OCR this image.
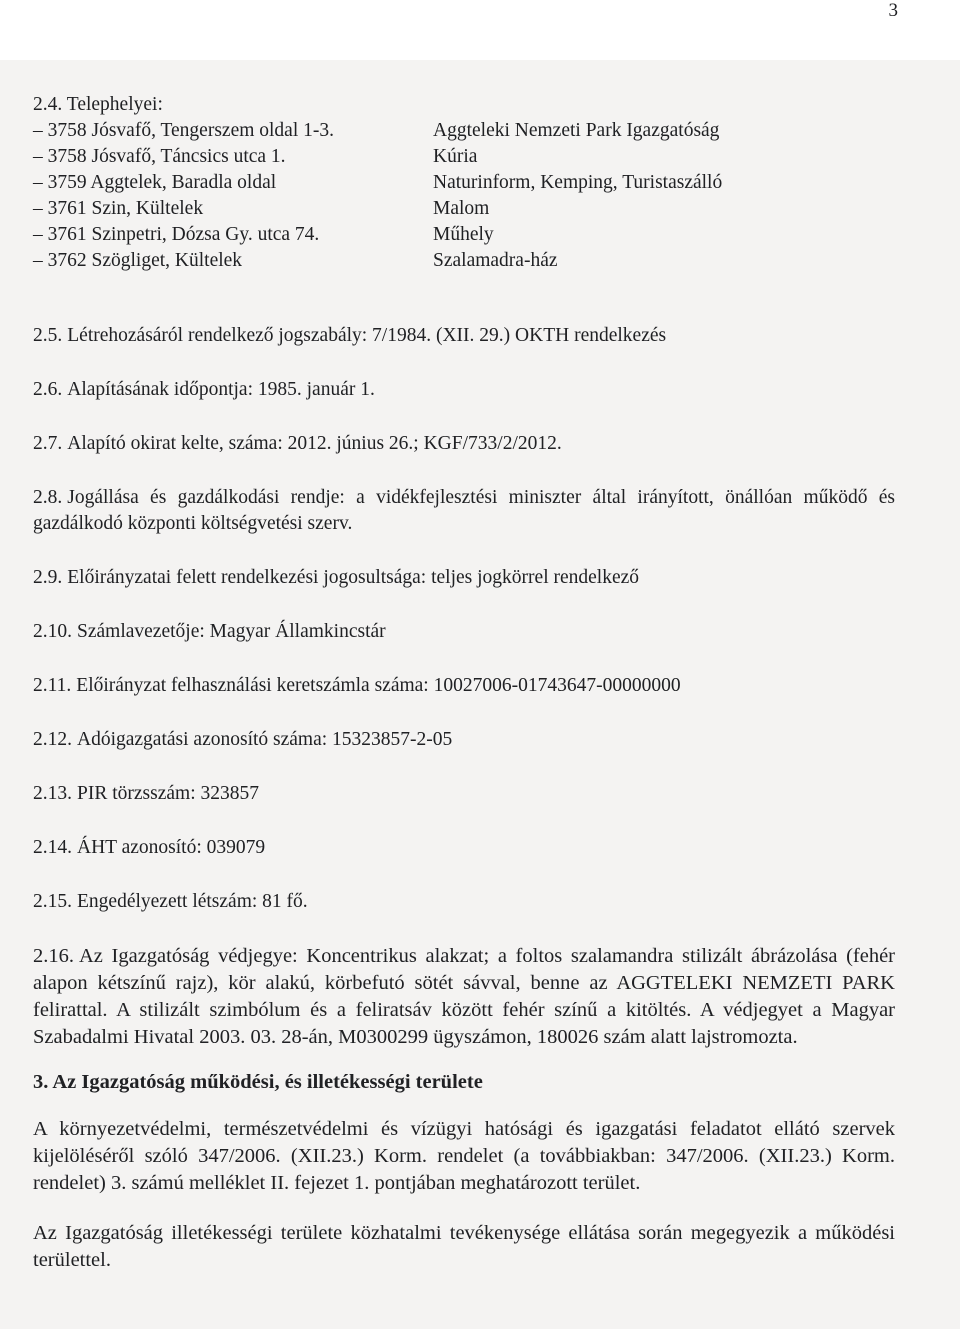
3

2.4. Telephelyei:

– 3758 Jósvafő, Tengerszem oldal 1-3.	Aggteleki Nemzeti Park Igazgatóság
– 3758 Jósvafő, Táncsics utca 1.	Kúria
– 3759 Aggtelek, Baradla oldal	Naturinform, Kemping, Turistaszálló
– 3761 Szin, Kültelek	Malom
– 3761 Szinpetri, Dózsa Gy. utca 74.	Műhely
– 3762 Szögliget, Kültelek	Szalamadra-ház

2.5. Létrehozásáról rendelkező jogszabály: 7/1984. (XII. 29.) OKTH rendelkezés

2.6. Alapításának időpontja: 1985. január 1.

2.7. Alapító okirat kelte, száma: 2012. június 26.; KGF/733/2/2012.

2.8. Jogállása és gazdálkodási rendje: a vidékfejlesztési miniszter által irányított, önállóan működő és gazdálkodó központi költségvetési szerv.

2.9. Előirányzatai felett rendelkezési jogosultsága: teljes jogkörrel rendelkező

2.10. Számlavezetője: Magyar Államkincstár

2.11. Előirányzat felhasználási keretszámla száma: 10027006-01743647-00000000

2.12. Adóigazgatási azonosító száma: 15323857-2-05

2.13. PIR törzsszám: 323857

2.14. ÁHT azonosító: 039079

2.15. Engedélyezett létszám: 81 fő.

2.16. Az Igazgatóság védjegye: Koncentrikus alakzat; a foltos szalamandra stilizált ábrázolása (fehér alapon kétszínű rajz), kör alakú, körbefutó sötét sávval, benne az AGGTELEKI NEMZETI PARK felirattal. A stilizált szimbólum és a feliratsáv között fehér színű a kitöltés. A védjegyet a Magyar Szabadalmi Hivatal 2003. 03. 28-án, M0300299 ügyszámon, 180026 szám alatt lajstromozta.

3. Az Igazgatóság működési, és illetékességi területe

A környezetvédelmi, természetvédelmi és vízügyi hatósági és igazgatási feladatot ellátó szervek kijelöléséről szóló 347/2006. (XII.23.) Korm. rendelet (a továbbiakban: 347/2006. (XII.23.) Korm. rendelet) 3. számú melléklet II. fejezet 1. pontjában meghatározott terület.

Az Igazgatóság illetékességi területe közhatalmi tevékenysége ellátása során megegyezik a működési területtel.
